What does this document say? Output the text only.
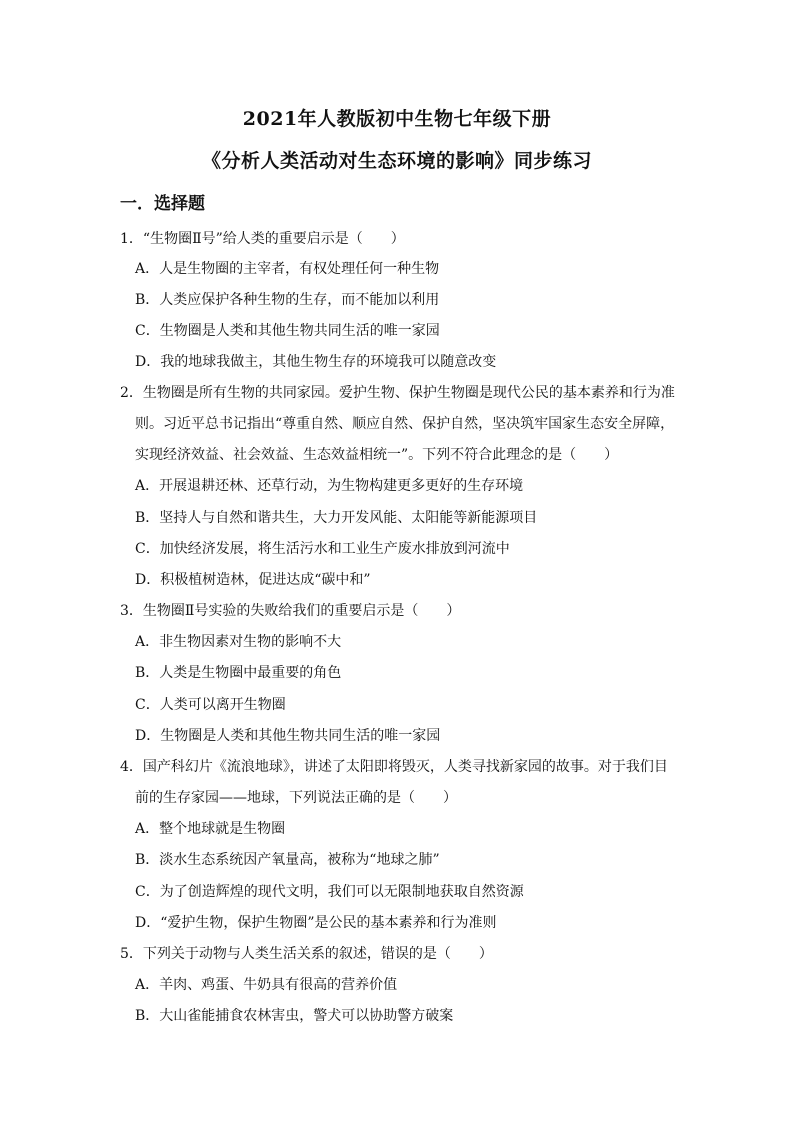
2021年人教版初中生物七年级下册
《分析人类活动对生态环境的影响》同步练习
一．选择题
1．“生物圈Ⅱ号”给人类的重要启示是（　　）
A．人是生物圈的主宰者，有权处理任何一种生物
B．人类应保护各种生物的生存，而不能加以利用
C．生物圈是人类和其他生物共同生活的唯一家园
D．我的地球我做主，其他生物生存的环境我可以随意改变
2．生物圈是所有生物的共同家园。爱护生物、保护生物圈是现代公民的基本素养和行为准
则。习近平总书记指出“尊重自然、顺应自然、保护自然，坚决筑牢国家生态安全屏障，
实现经济效益、社会效益、生态效益相统一”。下列不符合此理念的是（　　）
A．开展退耕还林、还草行动，为生物构建更多更好的生存环境
B．坚持人与自然和谐共生，大力开发风能、太阳能等新能源项目
C．加快经济发展，将生活污水和工业生产废水排放到河流中
D．积极植树造林，促进达成“碳中和”
3．生物圈Ⅱ号实验的失败给我们的重要启示是（　　）
A．非生物因素对生物的影响不大
B．人类是生物圈中最重要的角色
C．人类可以离开生物圈
D．生物圈是人类和其他生物共同生活的唯一家园
4．国产科幻片《流浪地球》，讲述了太阳即将毁灭，人类寻找新家园的故事。对于我们目
前的生存家园——地球，下列说法正确的是（　　）
A．整个地球就是生物圈
B．淡水生态系统因产氧量高，被称为“地球之肺”
C．为了创造辉煌的现代文明，我们可以无限制地获取自然资源
D．“爱护生物，保护生物圈”是公民的基本素养和行为准则
5．下列关于动物与人类生活关系的叙述，错误的是（　　）
A．羊肉、鸡蛋、牛奶具有很高的营养价值
B．大山雀能捕食农林害虫，警犬可以协助警方破案
